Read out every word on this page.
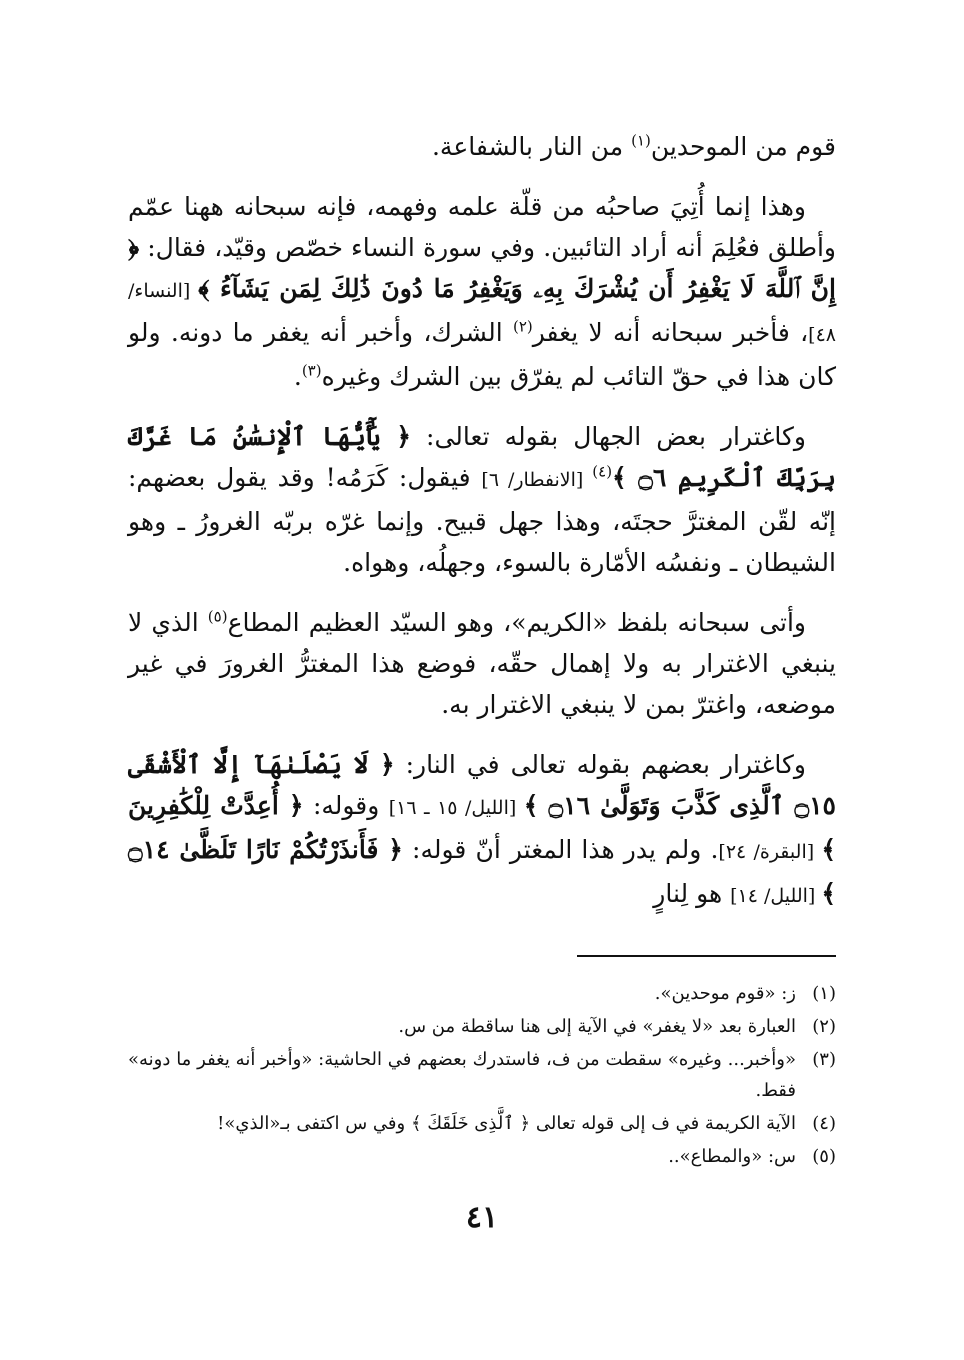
قوم من الموحدين$^{(١)}$ من النار بالشفاعة.

وهذا إنما أُتِيَ صاحبُه من قلّة علمه وفهمه، فإنه سبحانه ههنا عمّم وأطلق فعُلِمَ أنه أراد التائبين. وفي سورة النساء خصّص وقيّد، فقال: ﴿ إِنَّ ٱللَّهَ لَا يَغْفِرُ أَن يُشْرَكَ بِهِۦ وَيَغْفِرُ مَا دُونَ ذَٰلِكَ لِمَن يَشَآءُ ﴾ [النساء/ ٤٨]، فأخبر سبحانه أنه لا يغفر$^{(٢)}$ الشرك، وأخبر أنه يغفر ما دونه. ولو كان هذا في حقّ التائب لم يفرّق بين الشرك وغيره$^{(٣)}$.

وكاغترار بعض الجهال بقوله تعالى: ﴿ يَٰٓأَيُّهَا ٱلْإِنسَٰنُ مَا غَرَّكَ بِرَبِّكَ ٱلْكَرِيمِ ۝٦ ﴾$^{(٤)}$ [الانفطار/ ٦] فيقول: كَرَمُه! وقد يقول بعضهم: إنّه لقّن المغترَّ حجتَه، وهذا جهل قبيح. وإنما غرّه بربّه الغرورُ ـ وهو الشيطان ـ ونفسُه الأمّارة بالسوء، وجهلُه، وهواه.

وأتى سبحانه بلفظ «الكريم»، وهو السيّد العظيم المطاع$^{(٥)}$ الذي لا ينبغي الاغترار به ولا إهمال حقّه، فوضع هذا المغترُّ الغرورَ في غير موضعه، واغترّ بمن لا ينبغي الاغترار به.

وكاغترار بعضهم بقوله تعالى في النار: ﴿ لَا يَصْلَىٰهَآ إِلَّا ٱلْأَشْقَى ۝١٥ ٱلَّذِى كَذَّبَ وَتَوَلَّىٰ ۝١٦ ﴾ [الليل/ ١٥ ـ ١٦] وقوله: ﴿ أُعِدَّتْ لِلْكَٰفِرِينَ ﴾ [البقرة/ ٢٤]. ولم يدر هذا المغتر أنّ قوله: ﴿ فَأَنذَرْتُكُمْ نَارًا تَلَظَّىٰ ۝١٤ ﴾ [الليل/ ١٤] هو لِنارٍ

(١)
ز: «قوم موحدين».
(٢)
العبارة بعد «لا يغفر» في الآية إلى هنا ساقطة من س.
(٣)
«وأخبر... وغيره» سقطت من ف، فاستدرك بعضهم في الحاشية: «وأخبر أنه يغفر ما دونه» فقط.
(٤)
الآية الكريمة في ف إلى قوله تعالى ﴿ ٱلَّذِى خَلَقَكَ ﴾ وفي س اكتفى بـ«الذي»!
(٥)
س: «والمطاع»..
٤١
